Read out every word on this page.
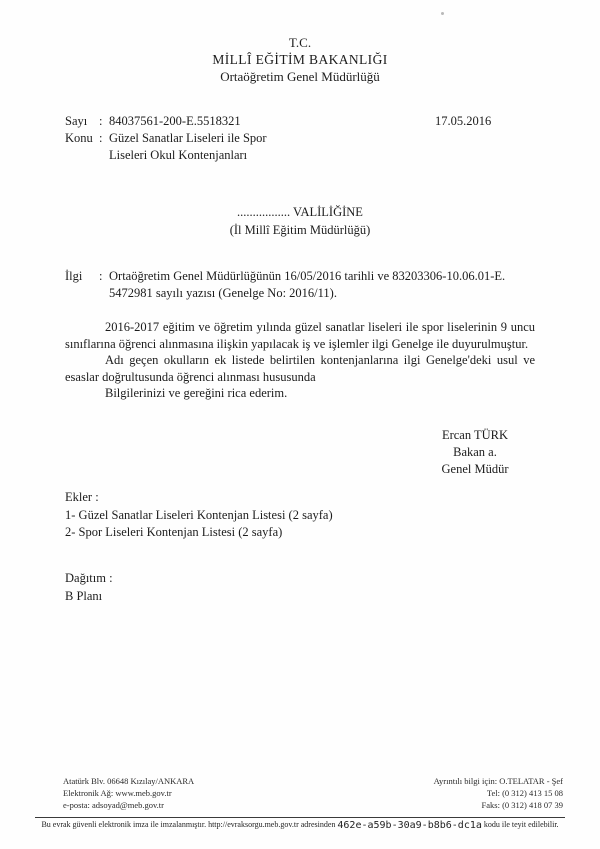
T.C.
MİLLÎ EĞİTİM BAKANLIĞI
Ortaöğretim Genel Müdürlüğü
Sayı : 84037561-200-E.5518321
Konu : Güzel Sanatlar Liseleri ile Spor
Liseleri Okul Kontenjanları
17.05.2016
................. VALİLİĞİNE
(İl Millî Eğitim Müdürlüğü)
İlgi	: Ortaöğretim Genel Müdürlüğünün 16/05/2016 tarihli ve 83203306-10.06.01-E.
5472981 sayılı yazısı (Genelge No: 2016/11).
2016-2017 eğitim ve öğretim yılında güzel sanatlar liseleri ile spor liselerinin 9 uncu
sınıflarına öğrenci alınmasına ilişkin yapılacak iş ve işlemler ilgi Genelge ile duyurulmuştur.
Adı geçen okulların ek listede belirtilen kontenjanlarına ilgi Genelge'deki usul ve
esaslar doğrultusunda öğrenci alınması hususunda
Bilgilerinizi ve gereğini rica ederim.
Ercan TÜRK
Bakan a.
Genel Müdür
Ekler :
1- Güzel Sanatlar Liseleri Kontenjan Listesi (2 sayfa)
2- Spor Liseleri Kontenjan Listesi (2 sayfa)
Dağıtım :
B Planı
Atatürk Blv. 06648 Kızılay/ANKARA
Elektronik Ağ: www.meb.gov.tr
e-posta: adsoyad@meb.gov.tr
Ayrıntılı bilgi için: O.TELATAR - Şef
Tel: (0 312) 413 15 08
Faks: (0 312) 418 07 39
Bu evrak güvenli elektronik imza ile imzalanmıştır. http://evraksorgu.meb.gov.tr adresinden 462e-a59b-30a9-b8b6-dc1a kodu ile teyit edilebilir.
